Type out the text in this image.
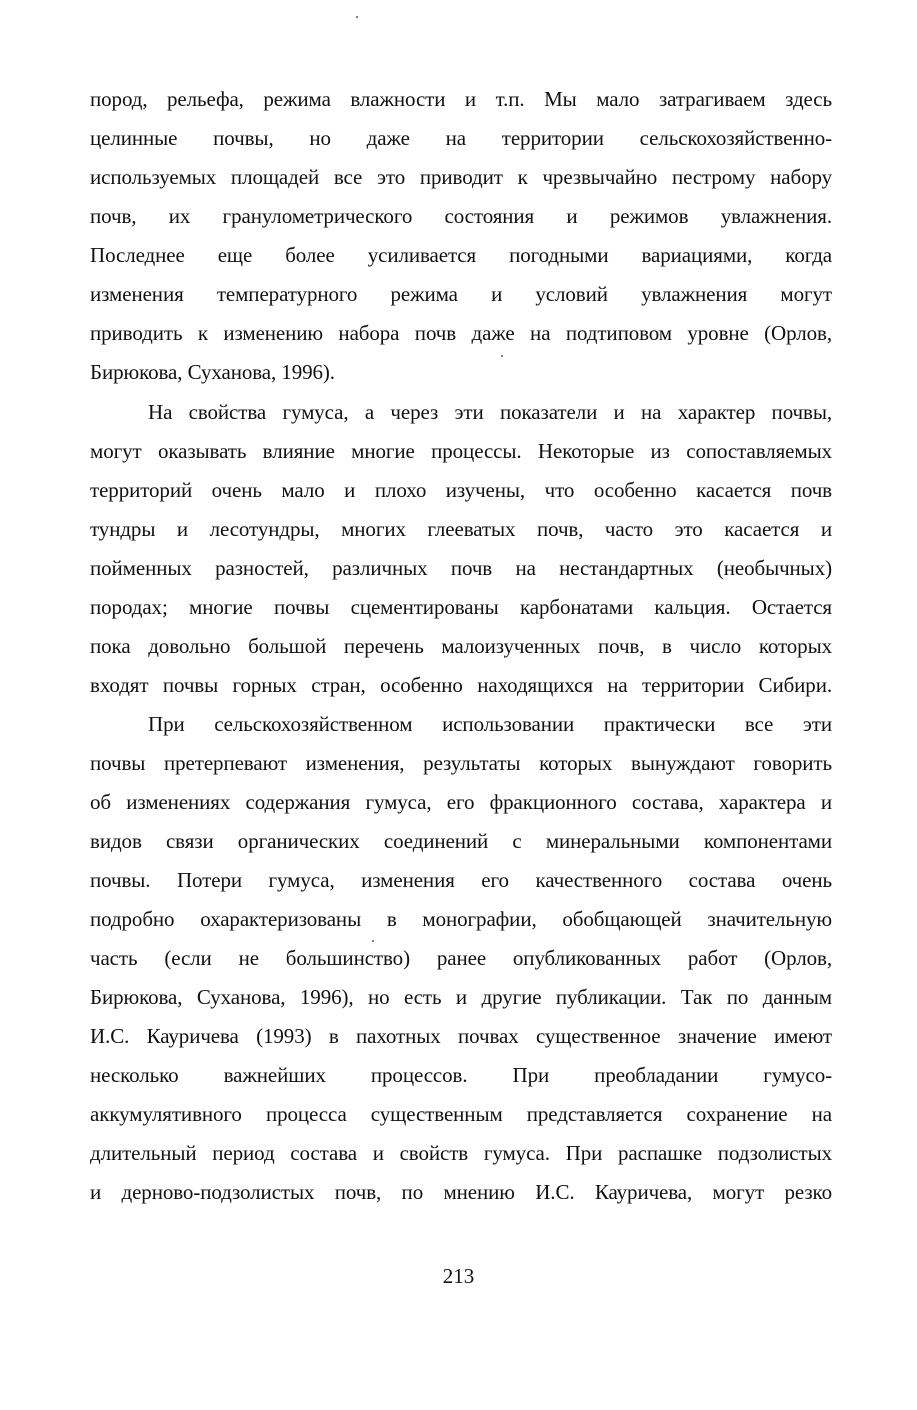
пород, рельефа, режима влажности и т.п. Мы мало затрагиваем здесь
целинные почвы, но даже на территории сельскохозяйственно-
используемых площадей все это приводит к чрезвычайно пестрому набору
почв, их гранулометрического состояния и режимов увлажнения.
Последнее еще более усиливается погодными вариациями, когда
изменения температурного режима и условий увлажнения могут
приводить к изменению набора почв даже на подтиповом уровне (Орлов,
Бирюкова, Суханова, 1996).
На свойства гумуса, а через эти показатели и на характер почвы,
могут оказывать влияние многие процессы. Некоторые из сопоставляемых
территорий очень мало и плохо изучены, что особенно касается почв
тундры и лесотундры, многих глееватых почв, часто это касается и
пойменных разностей, различных почв на нестандартных (необычных)
породах; многие почвы сцементированы карбонатами кальция. Остается
пока довольно большой перечень малоизученных почв, в число которых
входят почвы горных стран, особенно находящихся на территории Сибири.
При сельскохозяйственном использовании практически все эти
почвы претерпевают изменения, результаты которых вынуждают говорить
об изменениях содержания гумуса, его фракционного состава, характера и
видов связи органических соединений с минеральными компонентами
почвы. Потери гумуса, изменения его качественного состава очень
подробно охарактеризованы в монографии, обобщающей значительную
часть (если не большинство) ранее опубликованных работ (Орлов,
Бирюкова, Суханова, 1996), но есть и другие публикации. Так по данным
И.С. Кауричева (1993) в пахотных почвах существенное значение имеют
несколько важнейших процессов. При преобладании гумусо-
аккумулятивного процесса существенным представляется сохранение на
длительный период состава и свойств гумуса. При распашке подзолистых
и дерново-подзолистых почв, по мнению И.С. Кауричева, могут резко
213
